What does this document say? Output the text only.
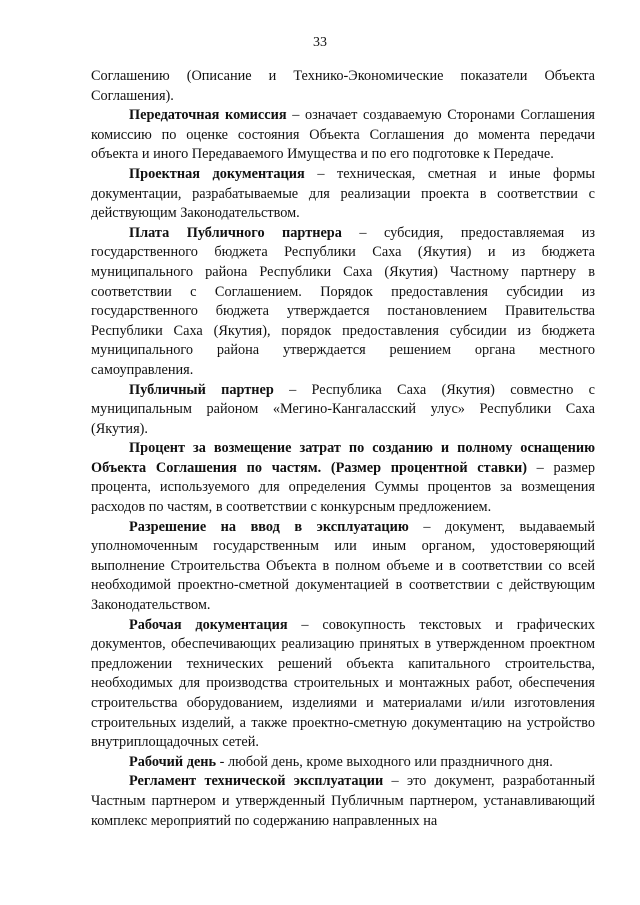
33

Соглашению (Описание и Технико-Экономические показатели Объекта Соглашения).

Передаточная комиссия – означает создаваемую Сторонами Соглашения комиссию по оценке состояния Объекта Соглашения до момента передачи объекта и иного Передаваемого Имущества и по его подготовке к Передаче.

Проектная документация – техническая, сметная и иные формы документации, разрабатываемые для реализации проекта в соответствии с действующим Законодательством.

Плата Публичного партнера – субсидия, предоставляемая из государственного бюджета Республики Саха (Якутия) и из бюджета муниципального района Республики Саха (Якутия) Частному партнеру в соответствии с Соглашением. Порядок предоставления субсидии из государственного бюджета утверждается постановлением Правительства Республики Саха (Якутия), порядок предоставления субсидии из бюджета муниципального района утверждается решением органа местного самоуправления.

Публичный партнер – Республика Саха (Якутия) совместно с муниципальным районом «Мегино-Кангаласский улус» Республики Саха (Якутия).

Процент за возмещение затрат по созданию и полному оснащению Объекта Соглашения по частям. (Размер процентной ставки) – размер процента, используемого для определения Суммы процентов за возмещения расходов по частям, в соответствии с конкурсным предложением.

Разрешение на ввод в эксплуатацию – документ, выдаваемый уполномоченным государственным или иным органом, удостоверяющий выполнение Строительства Объекта в полном объеме и в соответствии со всей необходимой проектно-сметной документацией в соответствии с действующим Законодательством.

Рабочая документация – совокупность текстовых и графических документов, обеспечивающих реализацию принятых в утвержденном проектном предложении технических решений объекта капитального строительства, необходимых для производства строительных и монтажных работ, обеспечения строительства оборудованием, изделиями и материалами и/или изготовления строительных изделий, а также проектно-сметную документацию на устройство внутриплощадочных сетей.

Рабочий день - любой день, кроме выходного или праздничного дня.

Регламент технической эксплуатации – это документ, разработанный Частным партнером и утвержденный Публичным партнером, устанавливающий комплекс мероприятий по содержанию направленных на
